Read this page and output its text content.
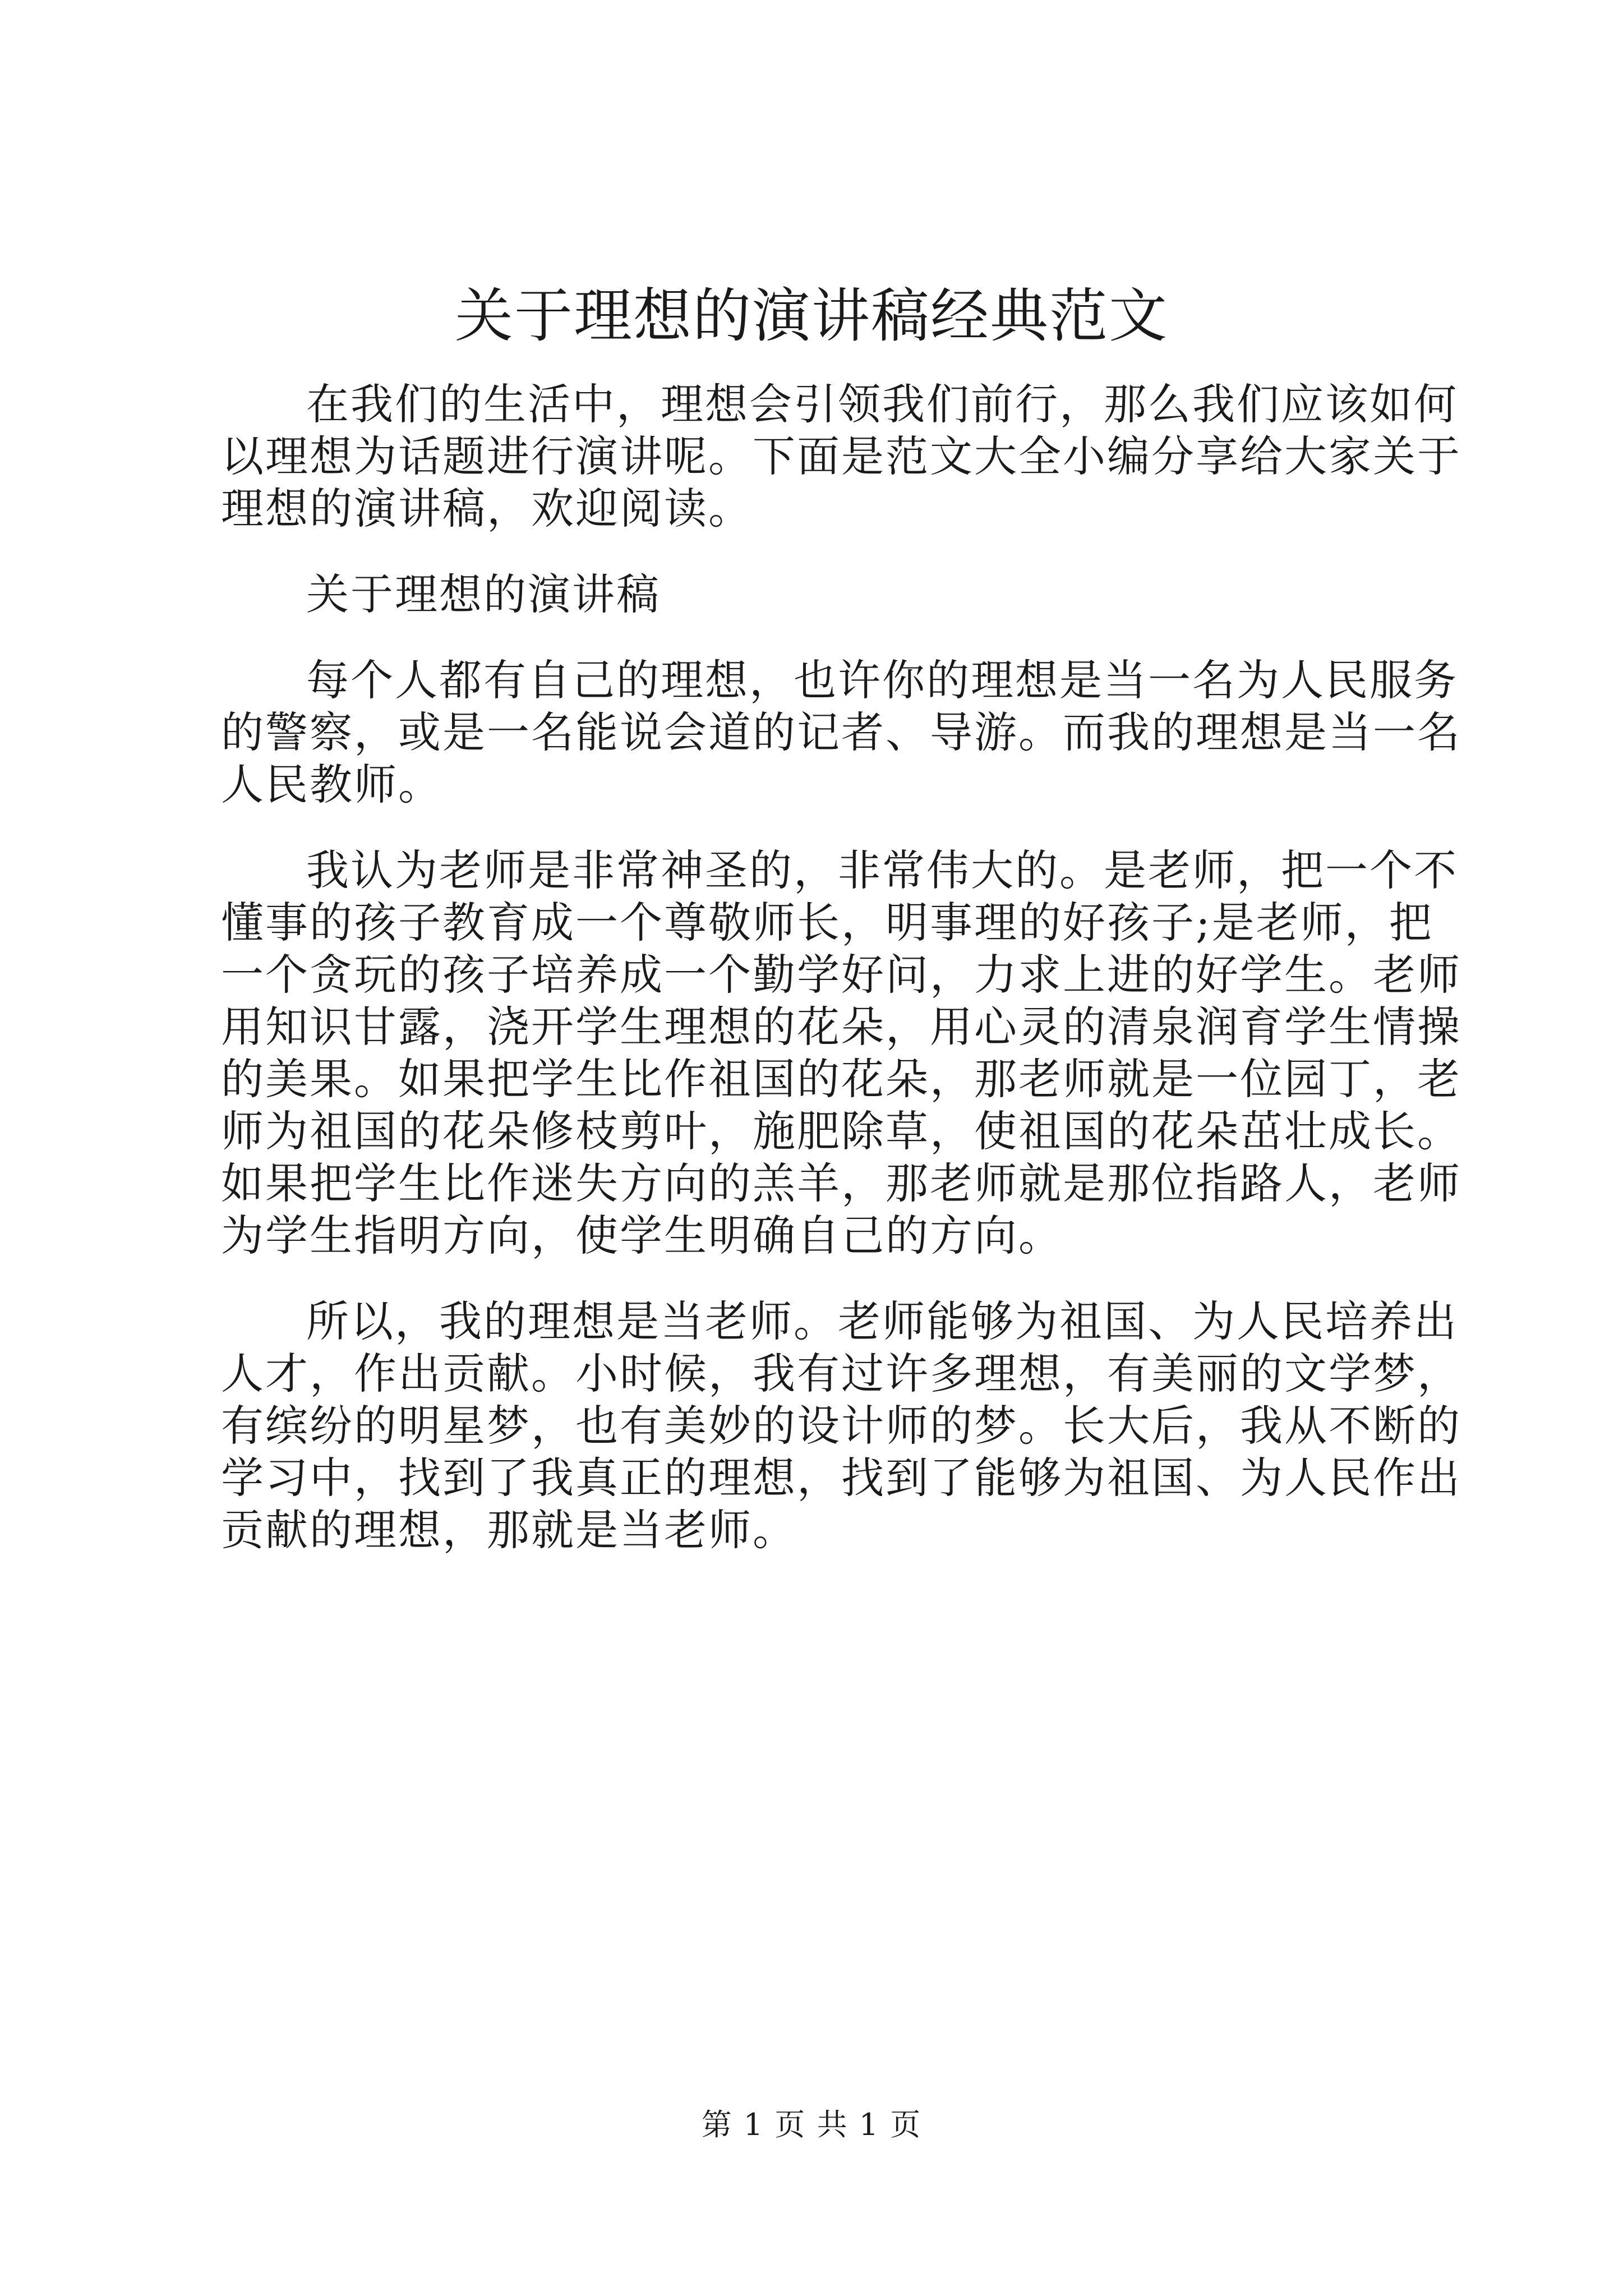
关于理想的演讲稿经典范文

在我们的生活中，理想会引领我们前行，那么我们应该如何
以理想为话题进行演讲呢。下面是范文大全小编分享给大家关于
理想的演讲稿，欢迎阅读。

关于理想的演讲稿

每个人都有自己的理想，也许你的理想是当一名为人民服务
的警察，或是一名能说会道的记者、导游。而我的理想是当一名
人民教师。

我认为老师是非常神圣的，非常伟大的。是老师，把一个不
懂事的孩子教育成一个尊敬师长，明事理的好孩子;是老师，把
一个贪玩的孩子培养成一个勤学好问，力求上进的好学生。老师
用知识甘露，浇开学生理想的花朵，用心灵的清泉润育学生情操
的美果。如果把学生比作祖国的花朵，那老师就是一位园丁，老
师为祖国的花朵修枝剪叶，施肥除草，使祖国的花朵茁壮成长。
如果把学生比作迷失方向的羔羊，那老师就是那位指路人，老师
为学生指明方向，使学生明确自己的方向。

所以，我的理想是当老师。老师能够为祖国、为人民培养出
人才，作出贡献。小时候，我有过许多理想，有美丽的文学梦，
有缤纷的明星梦，也有美妙的设计师的梦。长大后，我从不断的
学习中，找到了我真正的理想，找到了能够为祖国、为人民作出
贡献的理想，那就是当老师。

第 1 页 共 1 页
